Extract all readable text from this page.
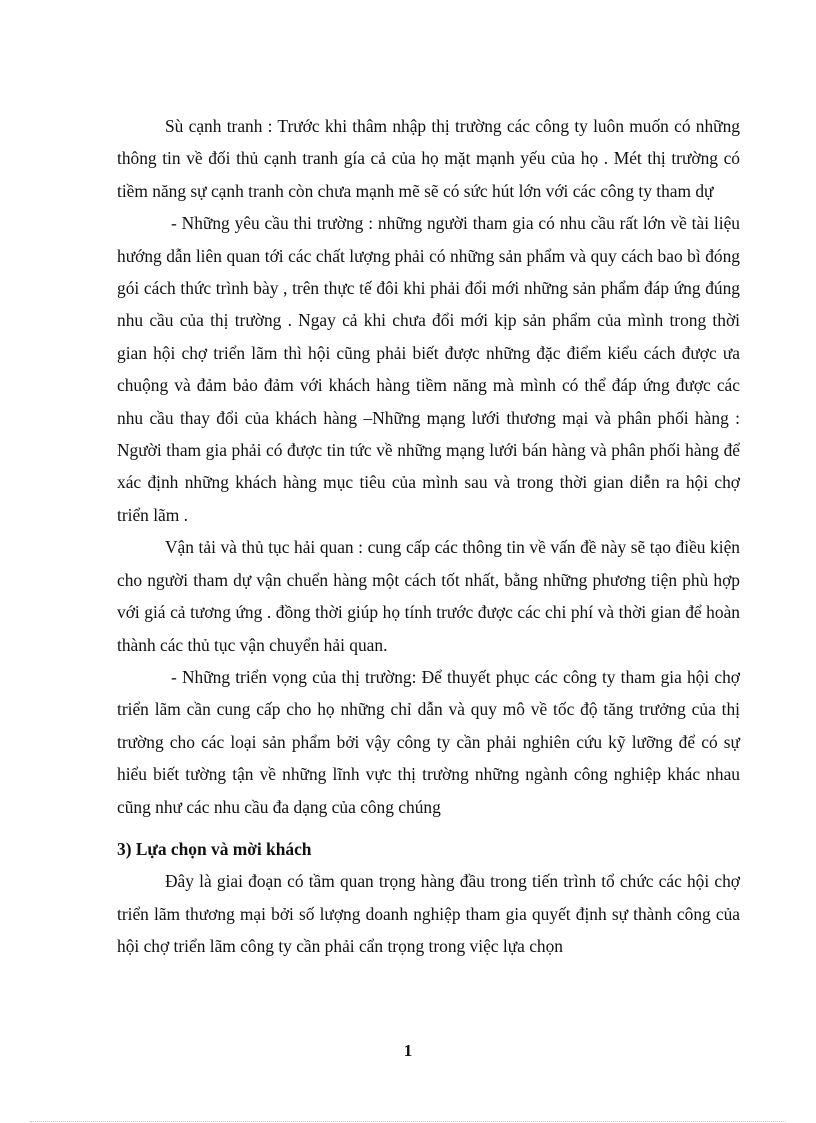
Sù cạnh tranh : Trước khi thâm nhập thị trường các công ty luôn muốn có những thông tin về đối thủ cạnh tranh gía cả của họ mặt mạnh yếu của họ . Mét thị trường có tiềm năng sự cạnh tranh còn chưa mạnh mẽ sẽ có sức hút lớn với các công ty tham dự

- Những yêu cầu thi trường : những người tham gia có nhu cầu rất lớn về tài liệu hướng dẫn liên quan tới các chất lượng phải có những sản phẩm và quy cách bao bì đóng gói cách thức trình bày , trên thực tế đôi khi phải đổi mới những sản phẩm đáp ứng đúng nhu cầu của thị trường . Ngay cả khi chưa đổi mới kịp sản phẩm của mình trong thời gian hội chợ triển lãm thì hội cũng phải biết được những đặc điểm kiểu cách được ưa chuộng và đảm bảo đảm với khách hàng tiềm năng mà mình có thể đáp ứng được các nhu cầu thay đổi của khách hàng –Những mạng lưới thương mại và phân phối hàng : Người tham gia phải có được tin tức về những mạng lưới bán hàng và phân phối hàng để xác định những khách hàng mục tiêu của mình sau và trong thời gian diễn ra hội chợ triển lãm .

Vận tải và thủ tục hải quan : cung cấp các thông tin về vấn đề này sẽ tạo điều kiện cho người tham dự vận chuển hàng một cách tốt nhất, bằng những phương tiện phù hợp với giá cả tương ứng . đồng thời giúp họ tính trước được các chi phí và thời gian để hoàn thành các thủ tục vận chuyển hải quan.

- Những triển vọng của thị trường: Để thuyết phục các công ty tham gia hội chợ triển lãm cần cung cấp cho họ những chỉ dẫn và quy mô về tốc độ tăng trưởng của thị trường cho các loại sản phẩm bởi vậy công ty cần phải nghiên cứu kỹ lưỡng để có sự hiểu biết tường tận về những lĩnh vực thị trường những ngành công nghiệp khác nhau cũng như các nhu cầu đa dạng của công chúng

3) Lựa chọn và mời khách

Đây là giai đoạn có tầm quan trọng hàng đầu trong tiến trình tổ chức các hội chợ triển lãm thương mại bởi số lượng doanh nghiệp tham gia quyết định sự thành công của hội chợ triển lãm công ty cần phải cẩn trọng trong việc lựa chọn

1
